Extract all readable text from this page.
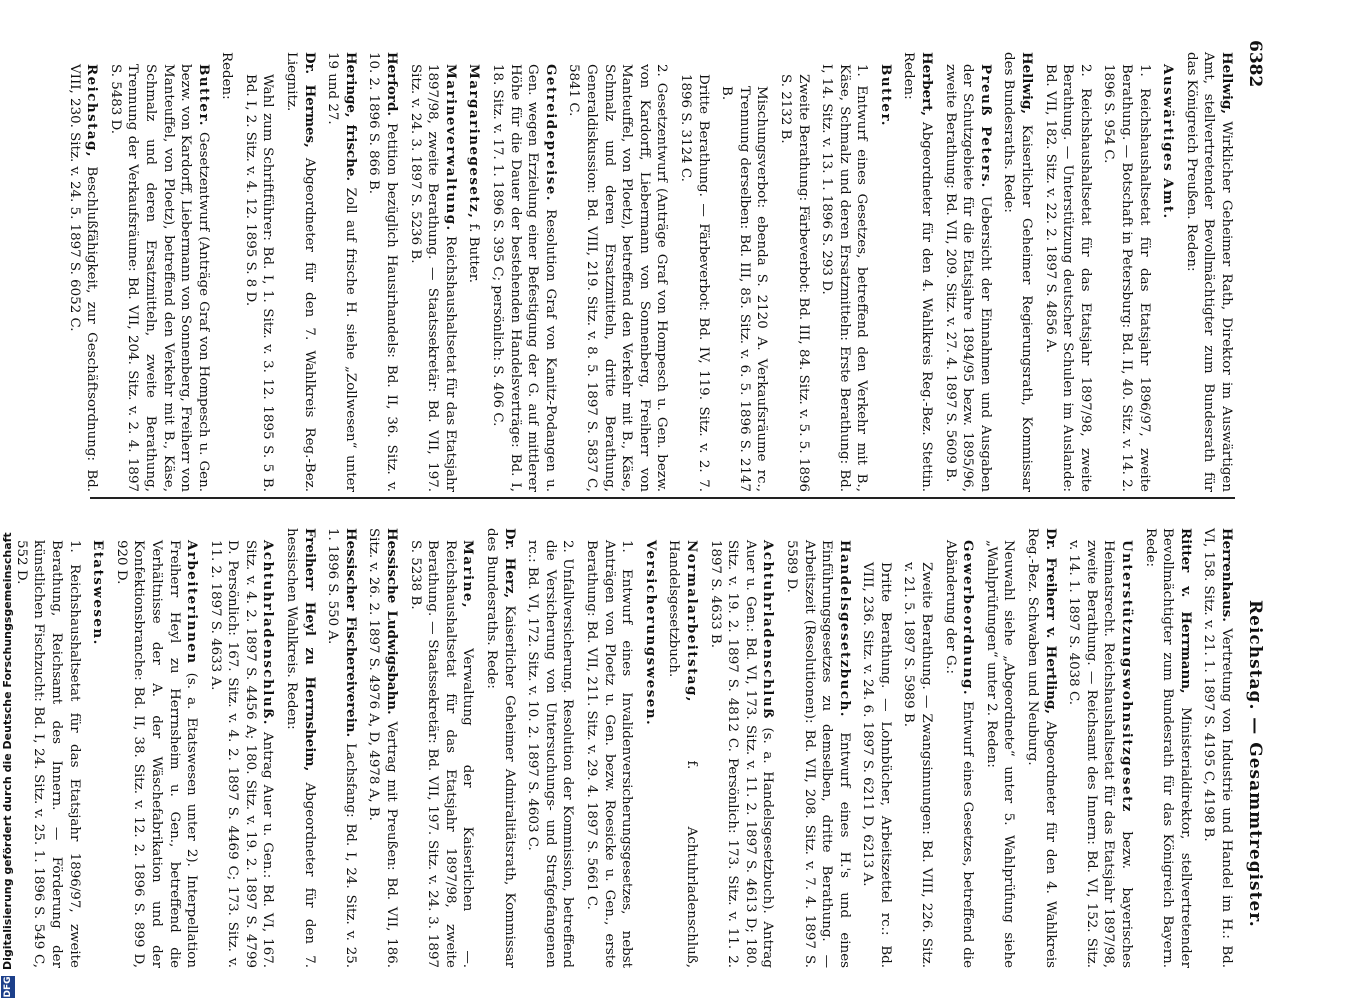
6382
Reichstag. — Gesammtregister.

Hellwig, Wirklicher Geheimer Rath, Direktor im Auswärtigen Amt, stellvertretender Bevollmächtigter zum Bundesrath für das Königreich Preußen. Reden:

Auswärtiges Amt.

1. Reichshaushaltsetat für das Etatsjahr 1896/97, zweite Berathung. — Botschaft in Petersburg: Bd. II, 40. Sitz. v. 14. 2. 1896 S. 954 C.

2. Reichshaushaltsetat für das Etatsjahr 1897/98, zweite Berathung. — Unterstützung deutscher Schulen im Auslande: Bd. VII, 182. Sitz. v. 22. 2. 1897 S. 4856 A.

Hellwig, Kaiserlicher Geheimer Regierungsrath, Kommissar des Bundesraths. Rede:

Preuß Peters. Uebersicht der Einnahmen und Ausgaben der Schutzgebiete für die Etatsjahre 1894/95 bezw. 1895/96, zweite Berathung: Bd. VII, 209. Sitz. v. 27. 4. 1897 S. 5609 B.

Herbert, Abgeordneter für den 4. Wahlkreis Reg.-Bez. Stettin. Reden:

Butter.

1. Entwurf eines Gesetzes, betreffend den Verkehr mit B., Käse, Schmalz und deren Ersatzmitteln: Erste Berathung: Bd. I, 14. Sitz. v. 13. 1. 1896 S. 293 D.

Zweite Berathung: Färbeverbot: Bd. III, 84. Sitz. v. 5. 5. 1896 S. 2132 B.

Mischungsverbot: ebenda S. 2120 A. Verkaufsräume rc., Trennung derselben: Bd. III, 85. Sitz. v. 6. 5. 1896 S. 2147 B.

Dritte Berathung. — Färbeverbot: Bd. IV, 119. Sitz. v. 2. 7. 1896 S. 3124 C.

2. Gesetzentwurf (Anträge Graf von Hompesch u. Gen. bezw. von Kardorff, Liebermann von Sonnenberg, Freiherr von Manteuffel, von Ploetz), betreffend den Verkehr mit B., Käse, Schmalz und deren Ersatzmitteln, dritte Berathung, Generaldiskussion: Bd. VIII, 219. Sitz. v. 8. 5. 1897 S. 5837 C, 5841 C.

Getreidepreise. Resolution Graf von Kanitz-Podangen u. Gen. wegen Erzielung einer Befestigung der G. auf mittlerer Höhe für die Dauer der bestehenden Handelsverträge: Bd. I, 18. Sitz. v. 17. 1. 1896 S. 395 C; persönlich: S. 406 C.

Margarinegesetz, f. Butter.

Marineverwaltung. Reichshaushaltsetat für das Etatsjahr 1897/98, zweite Berathung. — Staatssekretär: Bd. VII, 197. Sitz. v. 24. 3. 1897 S. 5236 B.

Herford. Petition bezüglich Hausirhandels: Bd. II, 36. Sitz. v. 10. 2. 1896 S. 866 B.

Heringe, frische. Zoll auf frische H. siehe „Zollwesen“ unter 19 und 27.

Dr. Hermes, Abgeordneter für den 7. Wahlkreis Reg.-Bez. Liegnitz.

Wahl zum Schriftführer: Bd. I, 1. Sitz. v. 3. 12. 1895 S. 5 B. Bd. I, 2. Sitz. v. 4. 12. 1895 S. 8 D.

Reden:

Butter. Gesetzentwurf (Anträge Graf von Hompesch u. Gen. bezw. von Kardorff, Liebermann von Sonnenberg, Freiherr von Manteuffel, von Ploetz), betreffend den Verkehr mit B., Käse, Schmalz und deren Ersatzmitteln, zweite Berathung, Trennung der Verkaufsräume: Bd. VII, 204. Sitz. v. 2. 4. 1897 S. 5483 D.

Reichstag, Beschlußfähigkeit, zur Geschäftsordnung: Bd. VIII, 230. Sitz. v. 24. 5. 1897 S. 6052 C.

Herrenhaus. Vertretung von Industrie und Handel im H.: Bd. VI, 158. Sitz. v. 21. 1. 1897 S. 4195 C, 4198 B.

Ritter v. Herrmann, Ministerialdirektor, stellvertretender Bevollmächtigter zum Bundesrath für das Königreich Bayern. Rede:

Unterstützungswohnsitzgesetz bezw. bayerisches Heimatsrecht. Reichshaushaltsetat für das Etatsjahr 1897/98, zweite Berathung. — Reichsamt des Innern: Bd. VI, 152. Sitz. v. 14. 1. 1897 S. 4038 C.

Dr. Freiherr v. Hertling, Abgeordneter für den 4. Wahlkreis Reg.-Bez. Schwaben und Neuburg.

Neuwahl siehe „Abgeordnete“ unter 5. Wahlprüfung siehe „Wahlprüfungen“ unter 2. Reden:

Gewerbeordnung. Entwurf eines Gesetzes, betreffend die Abänderung der G.:

Zweite Berathung. — Zwangsinnungen: Bd. VIII, 226. Sitz. v. 21. 5. 1897 S. 5989 B.

Dritte Berathung. — Lohnbücher, Arbeitszettel rc.: Bd. VIII, 236. Sitz. v. 24. 6. 1897 S. 6211 D, 6213 A.

Handelsgesetzbuch. Entwurf eines H.'s und eines Einführungsgesetzes zu demselben, dritte Berathung. — Arbeitszeit (Resolutionen): Bd. VII, 208. Sitz. v. 7. 4. 1897 S. 5589 D.

Achtuhrladenschluß (s. a. Handelsgesetzbuch). Antrag Auer u. Gen.: Bd. VI, 173. Sitz. v. 11. 2. 1897 S. 4613 D; 180. Sitz. v. 19. 2. 1897 S. 4812 C. Persönlich: 173. Sitz. v. 11. 2. 1897 S. 4633 B.

Normalarbeitstag, f. Achtuhrladenschluß, Handelsgesetzbuch.

Versicherungswesen.

1. Entwurf eines Invalidenversicherungsgesetzes, nebst Anträgen von Ploetz u. Gen. bezw. Roesicke u. Gen., erste Berathung: Bd. VII, 211. Sitz. v. 29. 4. 1897 S. 5661 C.

2. Unfallversicherung. Resolution der Kommission, betreffend die Versicherung von Untersuchungs- und Strafgefangenen rc.: Bd. VI, 172. Sitz. v. 10. 2. 1897 S. 4603 C.

Dr. Herz, Kaiserlicher Geheimer Admiralitätsrath, Kommissar des Bundesraths. Rede:

Marine, Verwaltung der Kaiserlichen —. Reichshaushaltsetat für das Etatsjahr 1897/98, zweite Berathung. — Staatssekretär: Bd. VII, 197. Sitz. v. 24. 3. 1897 S. 5238 B.

Hessische Ludwigsbahn. Vertrag mit Preußen: Bd. VII, 186. Sitz. v. 26. 2. 1897 S. 4976 A, D, 4978 A, B.

Hessischer Fischereiverein. Lachsfang: Bd. I, 24. Sitz. v. 25. 1. 1896 S. 550 A.

Freiherr Heyl zu Herrnsheim, Abgeordneter für den 7. hessischen Wahlkreis. Reden:

Achtuhrladenschluß. Antrag Auer u. Gen.: Bd. VI, 167. Sitz. v. 4. 2. 1897 S. 4456 A; 180. Sitz. v. 19. 2. 1897 S. 4799 D. Persönlich: 167. Sitz. v. 4. 2. 1897 S. 4469 C; 173. Sitz. v. 11. 2. 1897 S. 4633 A.

Arbeiterinnen (s. a. Etatswesen unter 2). Interpellation Freiherr Heyl zu Herrnsheim u. Gen., betreffend die Verhältnisse der A. der Wäschefabrikation und der Konfektionsbranche: Bd. II, 38. Sitz. v. 12. 2. 1896 S. 899 D, 920 D.

Etatswesen.

1. Reichshaushaltsetat für das Etatsjahr 1896/97, zweite Berathung, Reichsamt des Innern. — Förderung der künstlichen Fischzucht: Bd. I, 24. Sitz. v. 25. 1. 1896 S. 549 C, 552 D.

DFG
Digitalisierung gefördert durch die Deutsche Forschungsgemeinschaft
